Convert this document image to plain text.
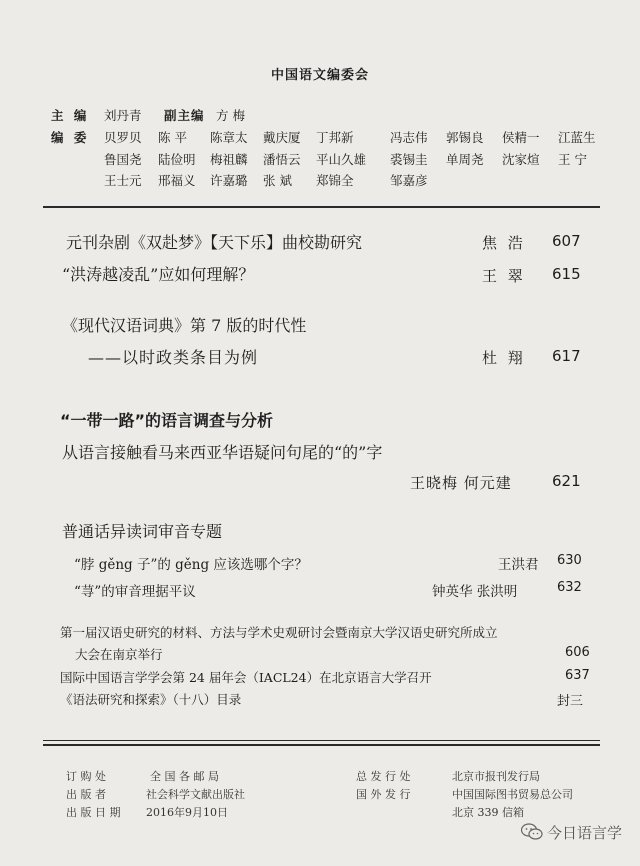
中国语文编委会
主 编 刘丹青 副主编 方 梅
编 委 贝罗贝 陈 平 陈章太 戴庆厦 丁邦新	冯志伟 郭锡良 侯精一 江蓝生
鲁国尧 陆俭明 梅祖麟 潘悟云 平山久雄 裘锡圭 单周尧 沈家煊 王 宁
王士元 邢福义 许嘉璐 张 斌 郑锦全	邹嘉彦
元刊杂剧《双赴梦》【天下乐】曲校勘研究	焦 浩 607
“洪涛越凌乱”应如何理解？	王 翠 615
《现代汉语词典》第 7 版的时代性
——以时政类条目为例	杜 翔 617
“一带一路”的语言调查与分析
从语言接触看马来西亚华语疑问句尾的“的”字
王晓梅 何元建	621
普通话异读词审音专题
“脖 gěng 子”的 gěng 应该选哪个字？	王洪君 630
“荨”的审音理据平议	钟英华 张洪明	632
第一届汉语史研究的材料、方法与学术史观研讨会暨南京大学汉语史研究所成立
大会在南京举行	606
国际中国语言学学会第 24 届年会（IACL24）在北京语言大学召开	637
《语法研究和探索》（十八）目录	封三
订 购 处	全 国 各 邮 局
出 版 者	社会科学文献出版社
出 版 日 期 2016年9月10日
总 发 行 处	北京市报刊发行局
国 外 发 行	中国国际图书贸易总公司
北京 339 信箱
今日语言学
